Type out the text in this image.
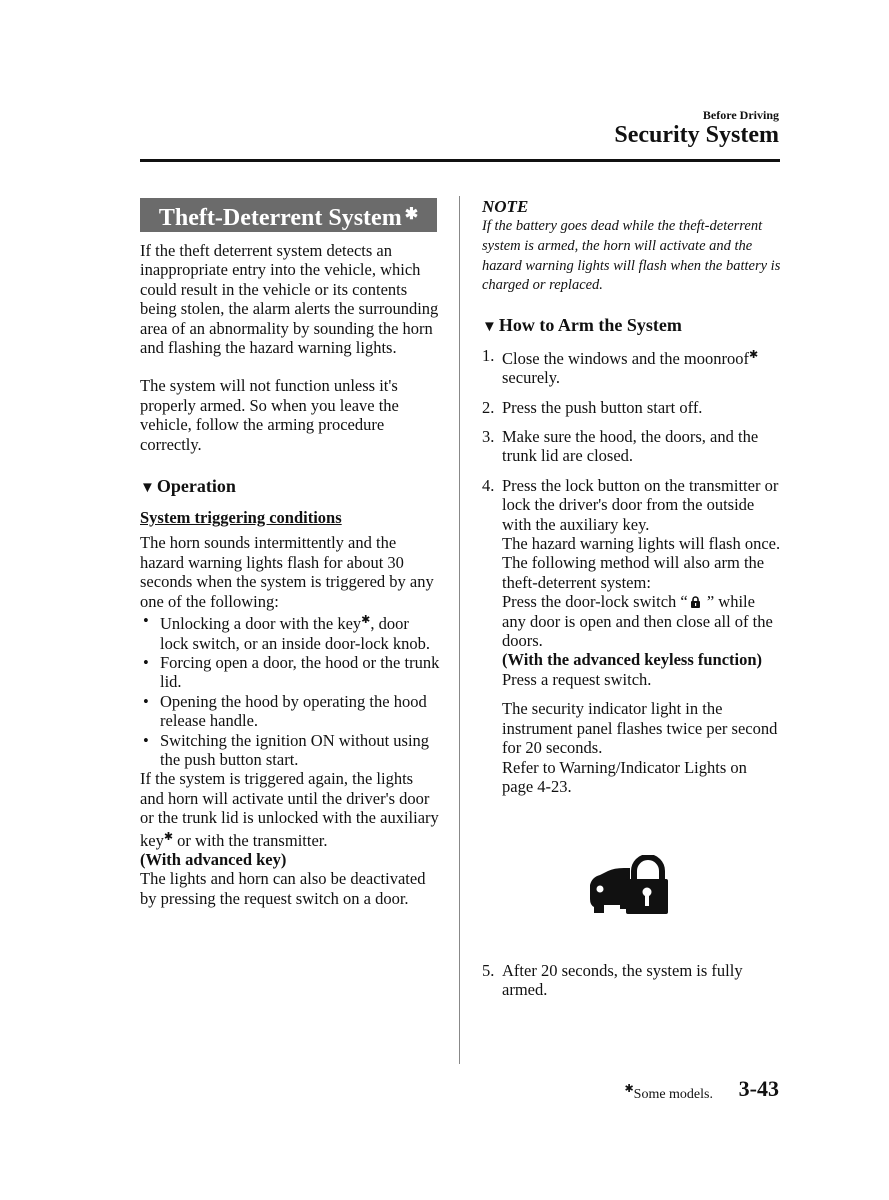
Before Driving
Security System
Theft-Deterrent System ✱

If the theft deterrent system detects an inappropriate entry into the vehicle, which could result in the vehicle or its contents being stolen, the alarm alerts the surrounding area of an abnormality by sounding the horn and flashing the hazard warning lights.

The system will not function unless it's properly armed. So when you leave the vehicle, follow the arming procedure correctly.

▼ Operation

System triggering conditions

The horn sounds intermittently and the hazard warning lights flash for about 30 seconds when the system is triggered by any one of the following:

• Unlocking a door with the key✱, door lock switch, or an inside door-lock knob.
• Forcing open a door, the hood or the trunk lid.
• Opening the hood by operating the hood release handle.
• Switching the ignition ON without using the push button start.

If the system is triggered again, the lights and horn will activate until the driver's door or the trunk lid is unlocked with the auxiliary key✱ or with the transmitter.

(With advanced key)

The lights and horn can also be deactivated by pressing the request switch on a door.

NOTE

If the battery goes dead while the theft-deterrent system is armed, the horn will activate and the hazard warning lights will flash when the battery is charged or replaced.

▼ How to Arm the System
1. Close the windows and the moonroof✱ securely.
2. Press the push button start off.
3. Make sure the hood, the doors, and the trunk lid are closed.
4. Press the lock button on the transmitter or lock the driver's door from the outside with the auxiliary key.

The hazard warning lights will flash once.

The following method will also arm the theft-deterrent system:

Press the door-lock switch “ ” while any door is open and then close all of the doors.

(With the advanced keyless function)

Press a request switch.

The security indicator light in the instrument panel flashes twice per second for 20 seconds.

Refer to Warning/Indicator Lights on page 4-23.

5. After 20 seconds, the system is fully armed.
✱Some models. 3-43
